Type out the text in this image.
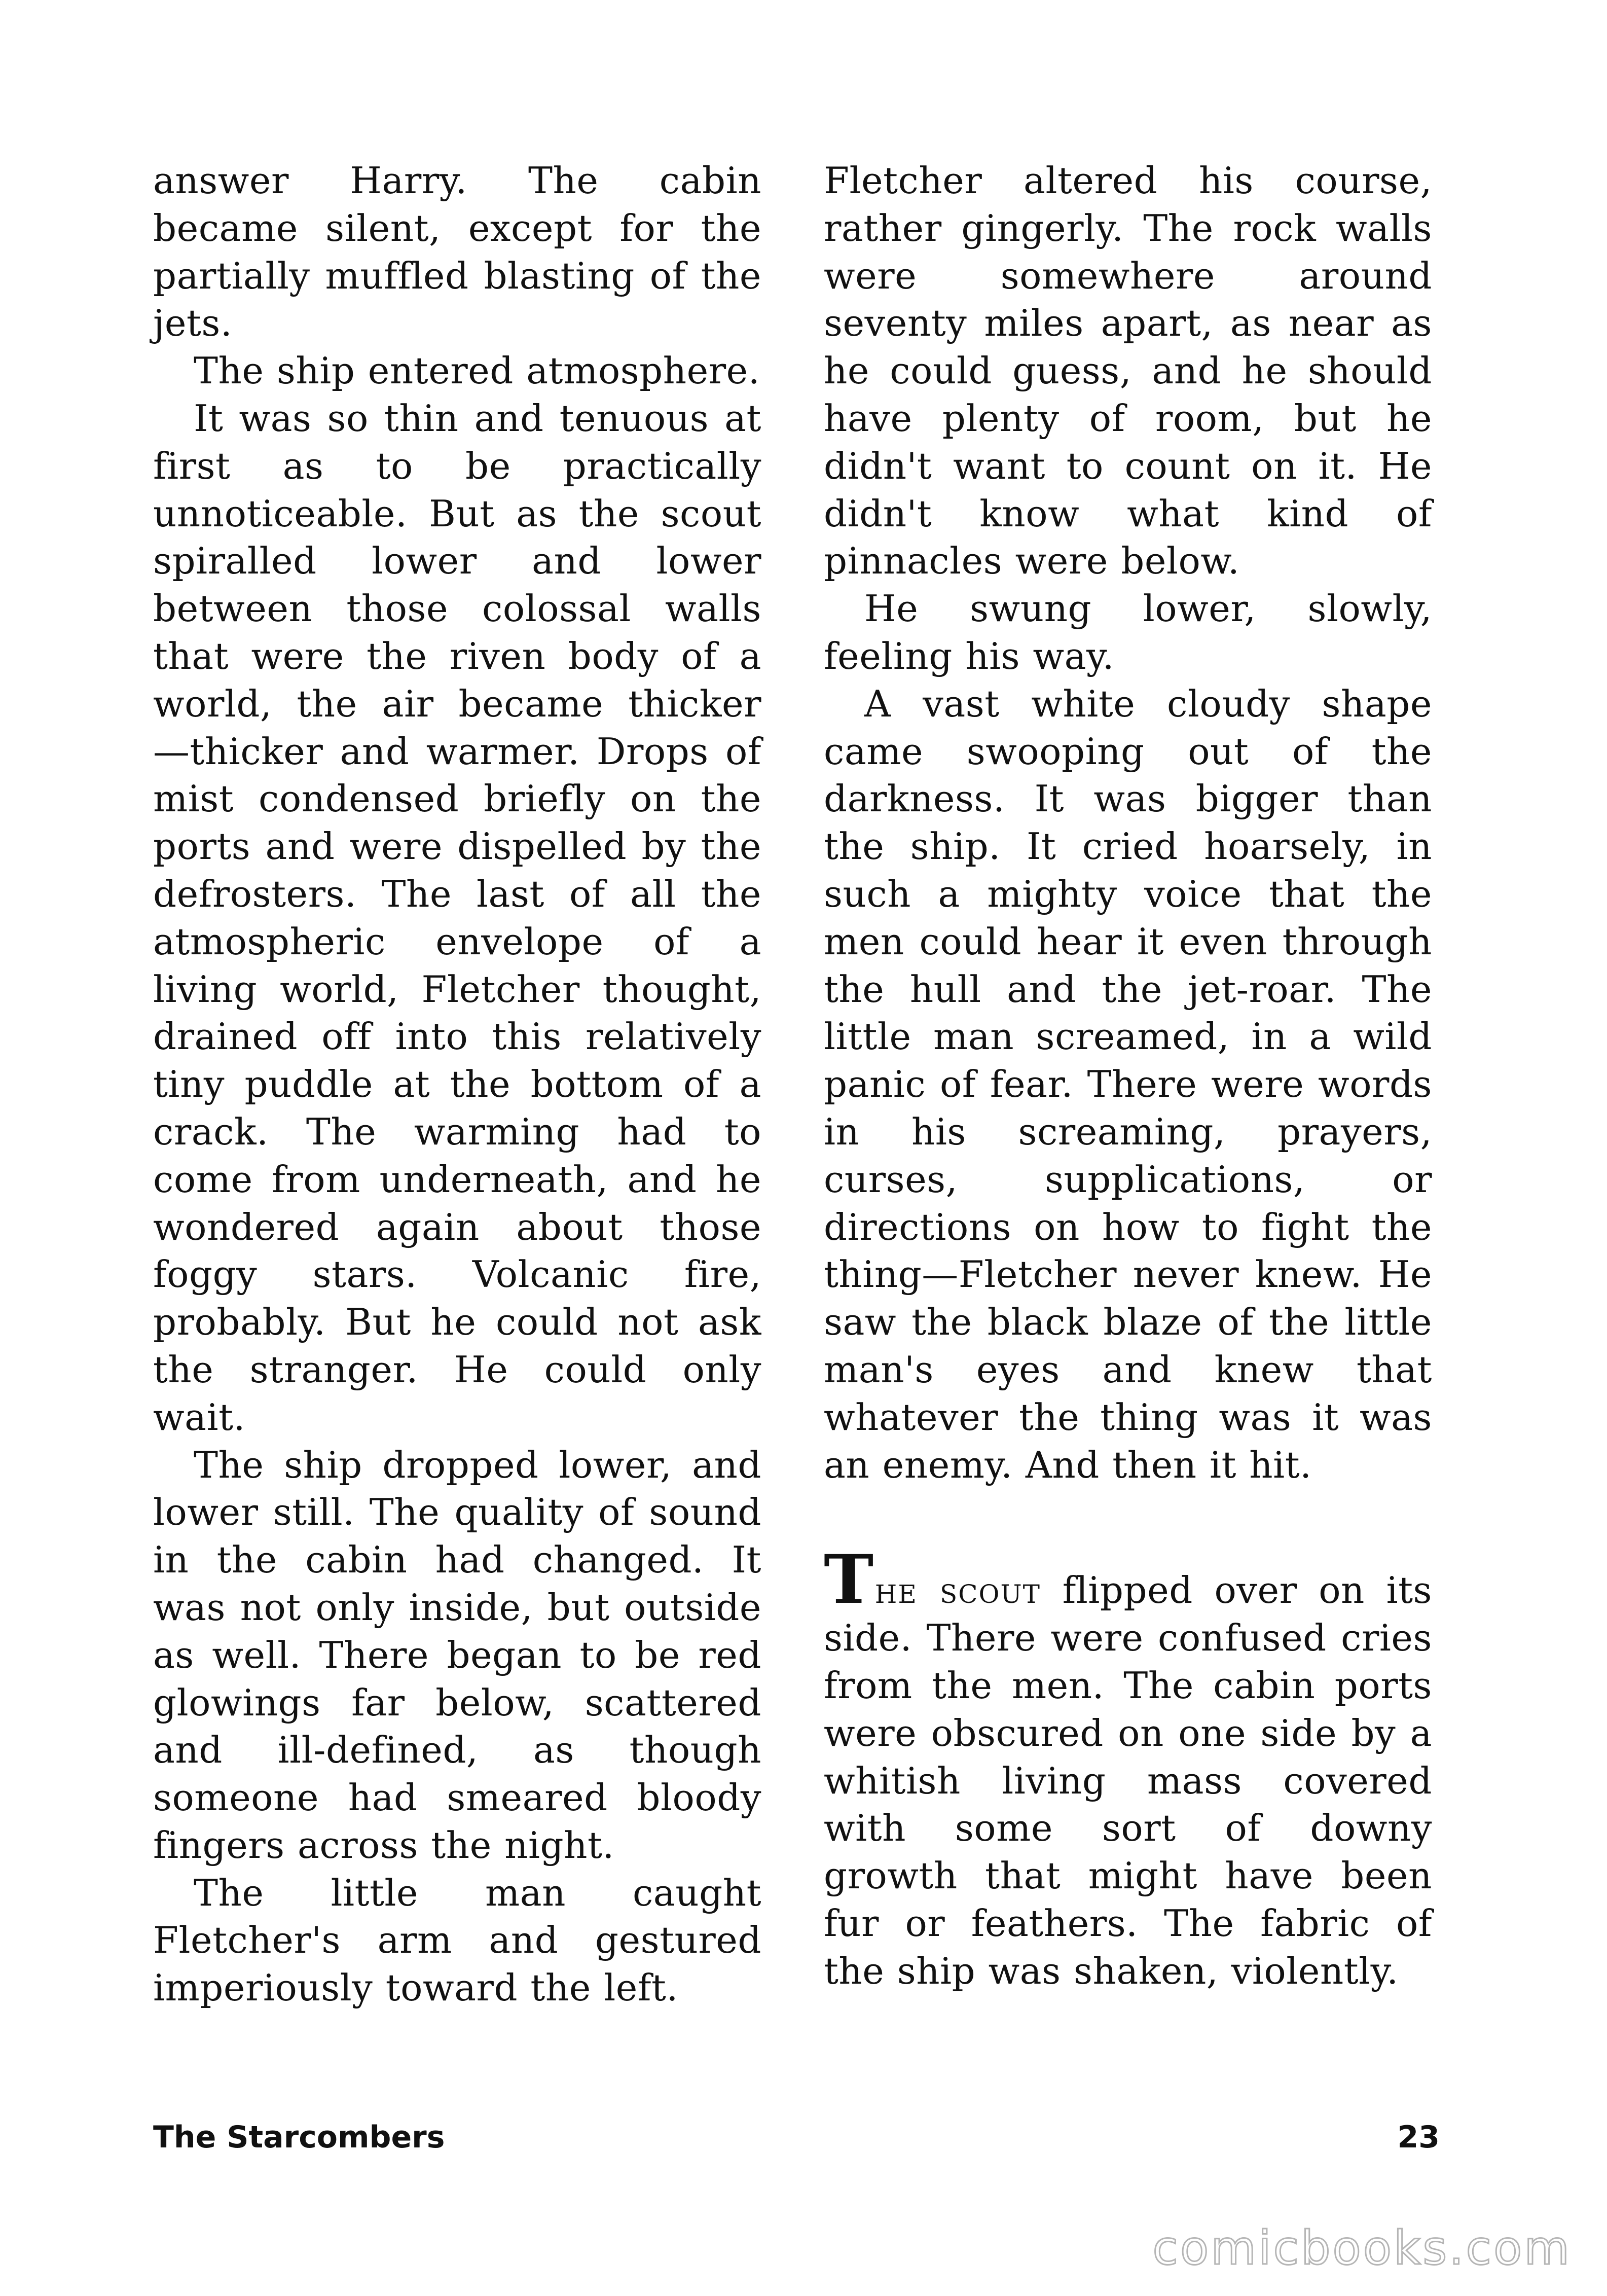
answer Harry. The cabin became silent, except for the partially muffled blasting of the jets.

The ship entered atmosphere.

It was so thin and tenuous at first as to be practically unnoticeable. But as the scout spiralled lower and lower between those colossal walls that were the riven body of a world, the air became thicker —thicker and warmer. Drops of mist condensed briefly on the ports and were dispelled by the defrosters. The last of all the atmospheric envelope of a living world, Fletcher thought, drained off into this relatively tiny puddle at the bottom of a crack. The warming had to come from underneath, and he wondered again about those foggy stars. Volcanic fire, probably. But he could not ask the stranger. He could only wait.

The ship dropped lower, and lower still. The quality of sound in the cabin had changed. It was not only inside, but outside as well. There began to be red glowings far below, scattered and ill-defined, as though someone had smeared bloody fingers across the night.

The little man caught Fletcher's arm and gestured imperiously toward the left.

Fletcher altered his course, rather gingerly. The rock walls were somewhere around seventy miles apart, as near as he could guess, and he should have plenty of room, but he didn't want to count on it. He didn't know what kind of pinnacles were below.

He swung lower, slowly, feeling his way.

A vast white cloudy shape came swooping out of the darkness. It was bigger than the ship. It cried hoarsely, in such a mighty voice that the men could hear it even through the hull and the jet-roar. The little man screamed, in a wild panic of fear. There were words in his screaming, prayers, curses, supplications, or directions on how to fight the thing—Fletcher never knew. He saw the black blaze of the little man's eyes and knew that whatever the thing was it was an enemy. And then it hit.

The scout flipped over on its side. There were confused cries from the men. The cabin ports were obscured on one side by a whitish living mass covered with some sort of downy growth that might have been fur or feathers. The fabric of the ship was shaken, violently.

The Starcombers	23
comicbooks.com
